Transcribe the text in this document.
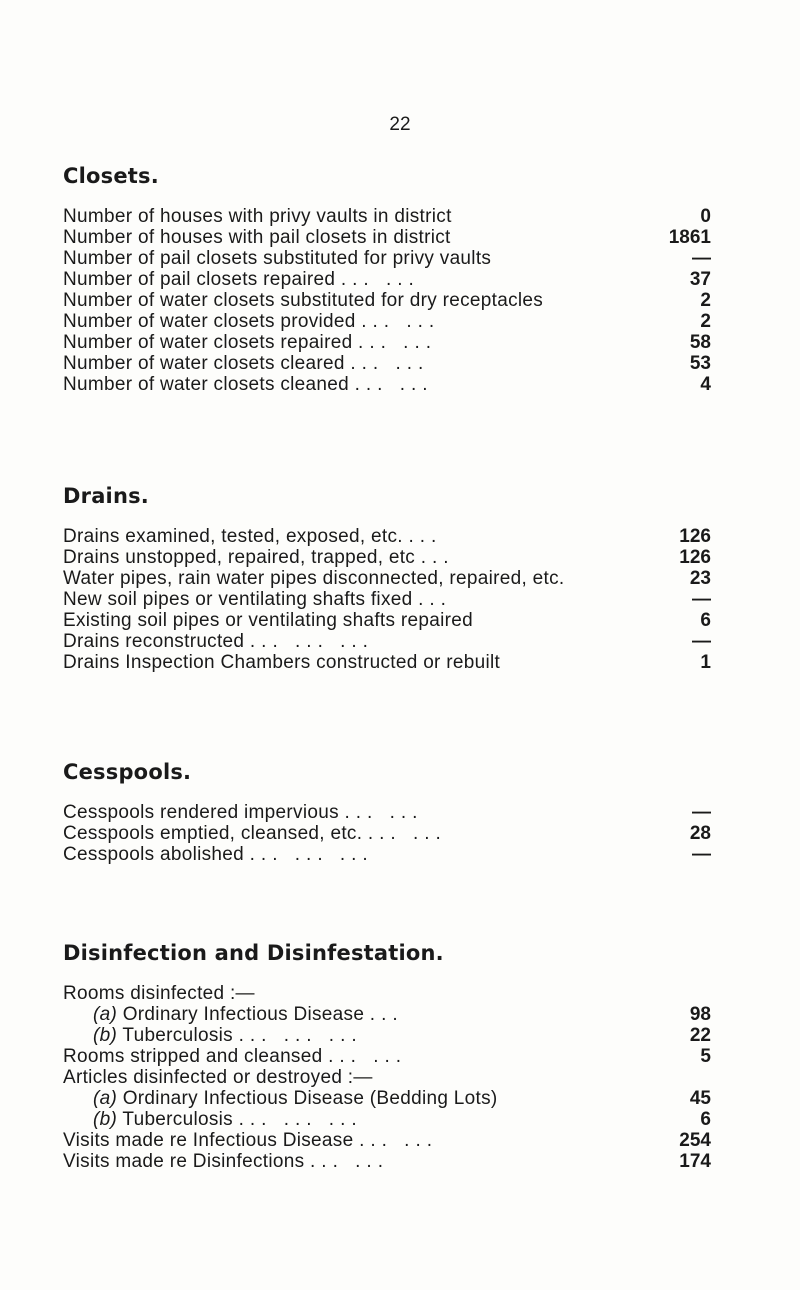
22
Closets.
Number of houses with privy vaults in district	0
Number of houses with pail closets in district	1861
Number of pail closets substituted for privy vaults	—
Number of pail closets repaired ... ...	37
Number of water closets substituted for dry receptacles	2
Number of water closets provided ... ...	2
Number of water closets repaired ... ...	58
Number of water closets cleared ... ...	53
Number of water closets cleaned ... ...	4
Drains.
Drains examined, tested, exposed, etc. ...	126
Drains unstopped, repaired, trapped, etc ...	126
Water pipes, rain water pipes disconnected, repaired, etc.	23
New soil pipes or ventilating shafts fixed ...	—
Existing soil pipes or ventilating shafts repaired	6
Drains reconstructed ... ... ...	—
Drains Inspection Chambers constructed or rebuilt	1
Cesspools.
Cesspools rendered impervious ... ...	—
Cesspools emptied, cleansed, etc. ... ...	28
Cesspools abolished ... ... ...	—
Disinfection and Disinfestation.
Rooms disinfected :—
(a) Ordinary Infectious Disease ...	98
(b) Tuberculosis ... ... ...	22
Rooms stripped and cleansed ... ...	5
Articles disinfected or destroyed :—
(a) Ordinary Infectious Disease (Bedding Lots)	45
(b) Tuberculosis ... ... ...	6
Visits made re Infectious Disease ... ...	254
Visits made re Disinfections ... ...	174
